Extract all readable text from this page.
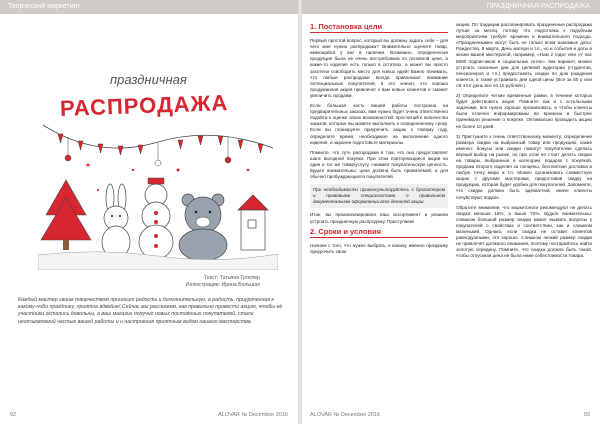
Творческий маркетинг
праздничная
РАСПРОДАЖА
Текст: Татьяна Гроспер
Иллюстрации: Ирина Большая
Каждый мастер своим творчеством приносит радость и дополнительную, а радость, приуроченная к какому-либо празднику, приятна вдвойне! Сейчас мы расскажем, как правильно провести акцию, чтобы её участники остались довольны, а ваш магазин получил новых постоянных покупателей, стали неотъемлемой частью вашей работы и и настроения приятным видом нашего мастерства.
92	ALOVAR № December 2016
ПРАЗДНИЧНАЯ РАСПРОДАЖА
1. Постановка цели

Первый простой вопрос, который вы должны задать себе – для чего мне нужна распродажа? Внимательно оцените товар, имеющийся у вас в наличии. Возможно, определенная продукция была не очень востребована по основной цене, а какие-то изделия есть только в остатках, а может вы просто захотели освободить место для новых идей! Важно понимать, что любые распродажи всегда привлекают внимание потенциальных покупателей, в это значит, что хорошо продуманная акция привлечет к вам новых клиентов и сможет увеличить продажи.

Если большая часть вашей работы построена на предварительных заказах, вам нужно будет очень ответственно подойти к оценке своих возможностей: просчитайте количество заказов, которые вы можете выполнить к определенному сроку. Если вы планируете приурочить акцию к Новому году, определите время, необходимое на выполнение одного изделия, и заранее подготовьте материалы.

Помните, что суть распродажи в том, что она предоставляет шанс выгодной покупки. При этом повторяющиеся акции на один и тот же товар/услугу, снижают покупательскую ценность. Будьте внимательны: цена должна быть приемлемой, а для обычно пробуждающихся покупателей.

При необходимости проконсультируйтесь с бухгалтером и правовыми специалистами о правильном документальном оформлении всех деталей акции.

Итак, вы проанализировали ваш ассортимент и решили устроить праздничную распродажу. Приступаем!

2. Сроки и условия

Начнем с того, что нужно выбрать, к какому именно празднику приурочить свою

акцию. По традиции распланировать праздничные распродажи лучше за месяц, потому что подготовка к подобным мероприятиям требует времени и внимательного подхода. «Праздничными» могут быть не только всем знакомые даты: Рождество, 8 марта, День матери и т.п., но и события и даты в жизни вашей мастерской, например, «Нам 2 года» или «У нас 5000 подписчиков в социальных сетях». Как вариант, можно устроить сезонные дни для целевой аудитории (студентов, пенсионеров и т.п.) предоставить скидки по дню рождения клиента, а также устраивать дни одной цены (Все за 50 р или «В этот день все по 10 рублей»).

2) Определите четкие временные рамки, в течение которых будет действовать акция. Помните: как и с остальными задачами, все нужно хорошо организовать, и чтобы клиенты были отлично информированы во времени и быстрее принимали решение о покупке. Оптимально проводить акцию не более 10 дней.

3) Пристушите к очень ответственному моменту: определение размера скидки на выбранный товар или продукцию, какие именно: бонусы или скидки помогут покупателям сделать верный выбор на рынке, но при этом не стоит делать скидки на товары, выбранные в категории, подарок с покупкой, продажа второго изделия за полцены, бесплатная доставка в любую точку мира и т.п. Можно организовать совместную акцию с другими мастерами, предоставив скидку на продукцию, которая будет удобна для покупателей. Запомните, что скидка должна быть адекватной, иначе клиенты почувствуют подвох.

Обратите внимание, что маркетологи рекомендуют не делать скидки меньше 15%, а выше 70%. Будьте внимательны: слишком большой размер скидки может вызвать вопросы у покупателей о свойствах и соответствии, как и слишком маленький. Однако, если скидка не оставит клиентов равнодушными, это хорошо. Слишком низкий размер скидки не привлечёт должного внимания, поэтому постарайтесь найти золотую середину. Помните, что скидка должна быть такой, чтобы отпускная цена не была ниже себестоимости товара.

ALOVAR № December 2016	93
